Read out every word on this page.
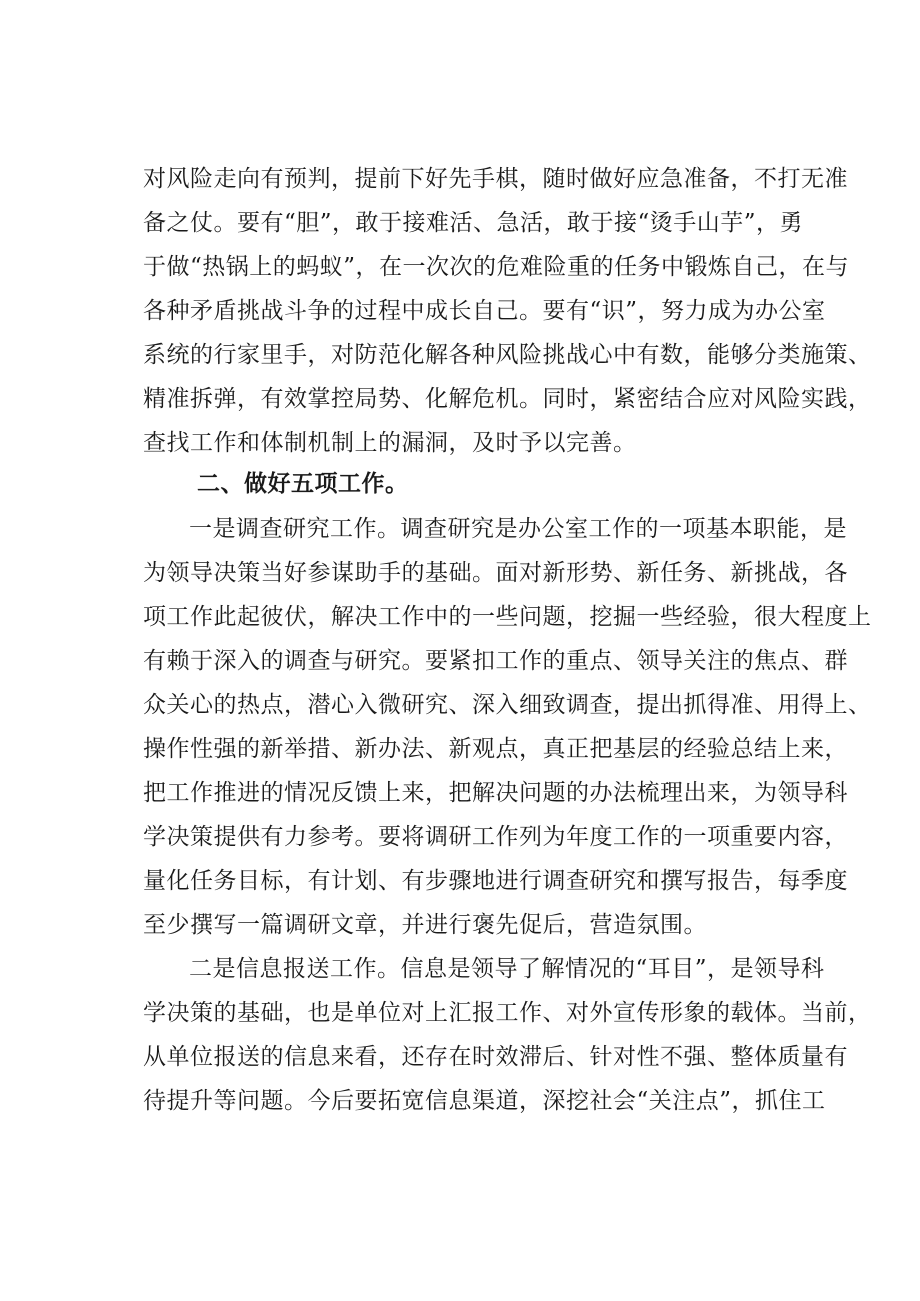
对风险走向有预判，提前下好先手棋，随时做好应急准备，不打无准
备之仗。要有“胆”，敢于接难活、急活，敢于接“烫手山芋”，勇
于做“热锅上的蚂蚁”，在一次次的危难险重的任务中锻炼自己，在与
各种矛盾挑战斗争的过程中成长自己。要有“识”，努力成为办公室
系统的行家里手，对防范化解各种风险挑战心中有数，能够分类施策、
精准拆弹，有效掌控局势、化解危机。同时，紧密结合应对风险实践，
查找工作和体制机制上的漏洞，及时予以完善。
二、做好五项工作。
一是调查研究工作。调查研究是办公室工作的一项基本职能，是
为领导决策当好参谋助手的基础。面对新形势、新任务、新挑战，各
项工作此起彼伏，解决工作中的一些问题，挖掘一些经验，很大程度上
有赖于深入的调查与研究。要紧扣工作的重点、领导关注的焦点、群
众关心的热点，潜心入微研究、深入细致调查，提出抓得准、用得上、
操作性强的新举措、新办法、新观点，真正把基层的经验总结上来，
把工作推进的情况反馈上来，把解决问题的办法梳理出来，为领导科
学决策提供有力参考。要将调研工作列为年度工作的一项重要内容，
量化任务目标，有计划、有步骤地进行调查研究和撰写报告，每季度
至少撰写一篇调研文章，并进行褒先促后，营造氛围。
二是信息报送工作。信息是领导了解情况的“耳目”，是领导科
学决策的基础，也是单位对上汇报工作、对外宣传形象的载体。当前，
从单位报送的信息来看，还存在时效滞后、针对性不强、整体质量有
待提升等问题。今后要拓宽信息渠道，深挖社会“关注点”，抓住工
